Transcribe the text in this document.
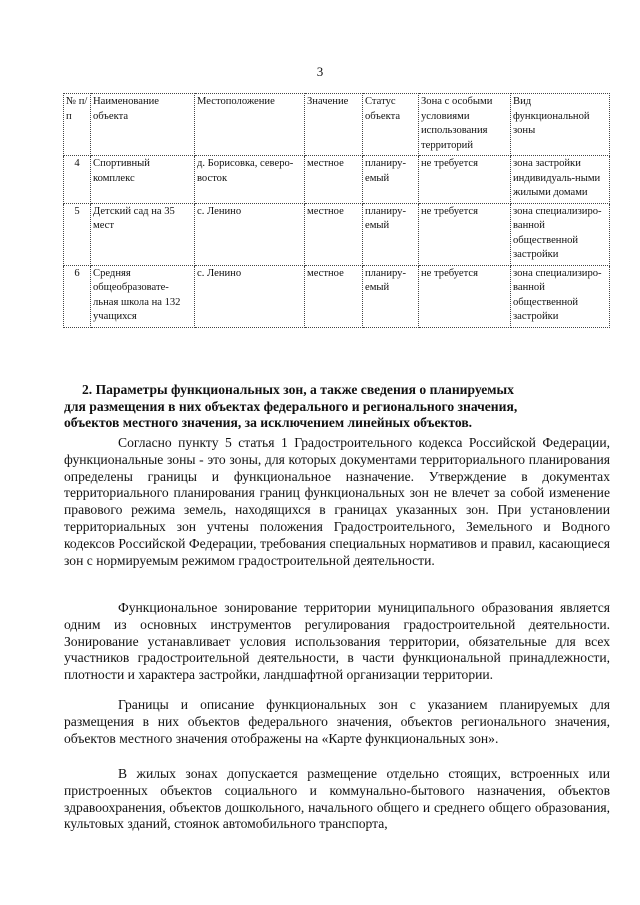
3
№ п/п	Наименование объекта	Местоположение	Значение	Статус объекта	Зона с особыми условиями использования территорий	Вид функциональной зоны
4	Спортивный комплекс	д. Борисовка, северо-восток	местное	планиру-емый	не требуется	зона застройки индивидуаль-ными жилыми домами
5	Детский сад на 35 мест	с. Ленино	местное	планиру-емый	не требуется	зона специализиро-ванной общественной застройки
6	Средняя общеобразовате-льная школа на 132 учащихся	с. Ленино	местное	планиру-емый	не требуется	зона специализиро-ванной общественной застройки
2. Параметры функциональных зон, а также сведения о планируемых
для размещения в них объектах федерального и регионального значения,
объектов местного значения, за исключением линейных объектов.

Согласно пункту 5 статья 1 Градостроительного кодекса Российской Федерации, функциональные зоны - это зоны, для которых документами территориального планирования определены границы и функциональное назначение. Утверждение в документах территориального планирования границ функциональных зон не влечет за собой изменение правового режима земель, находящихся в границах указанных зон. При установлении территориальных зон учтены положения Градостроительного, Земельного и Водного кодексов Российской Федерации, требования специальных нормативов и правил, касающиеся зон с нормируемым режимом градостроительной деятельности.

Функциональное зонирование территории муниципального образования является одним из основных инструментов регулирования градостроительной деятельности. Зонирование устанавливает условия использования территории, обязательные для всех участников градостроительной деятельности, в части функциональной принадлежности, плотности и характера застройки, ландшафтной организации территории.

Границы и описание функциональных зон с указанием планируемых для размещения в них объектов федерального значения, объектов регионального значения, объектов местного значения отображены на «Карте функциональных зон».

В жилых зонах допускается размещение отдельно стоящих, встроенных или пристроенных объектов социального и коммунально-бытового назначения, объектов здравоохранения, объектов дошкольного, начального общего и среднего общего образования, культовых зданий, стоянок автомобильного транспорта,
